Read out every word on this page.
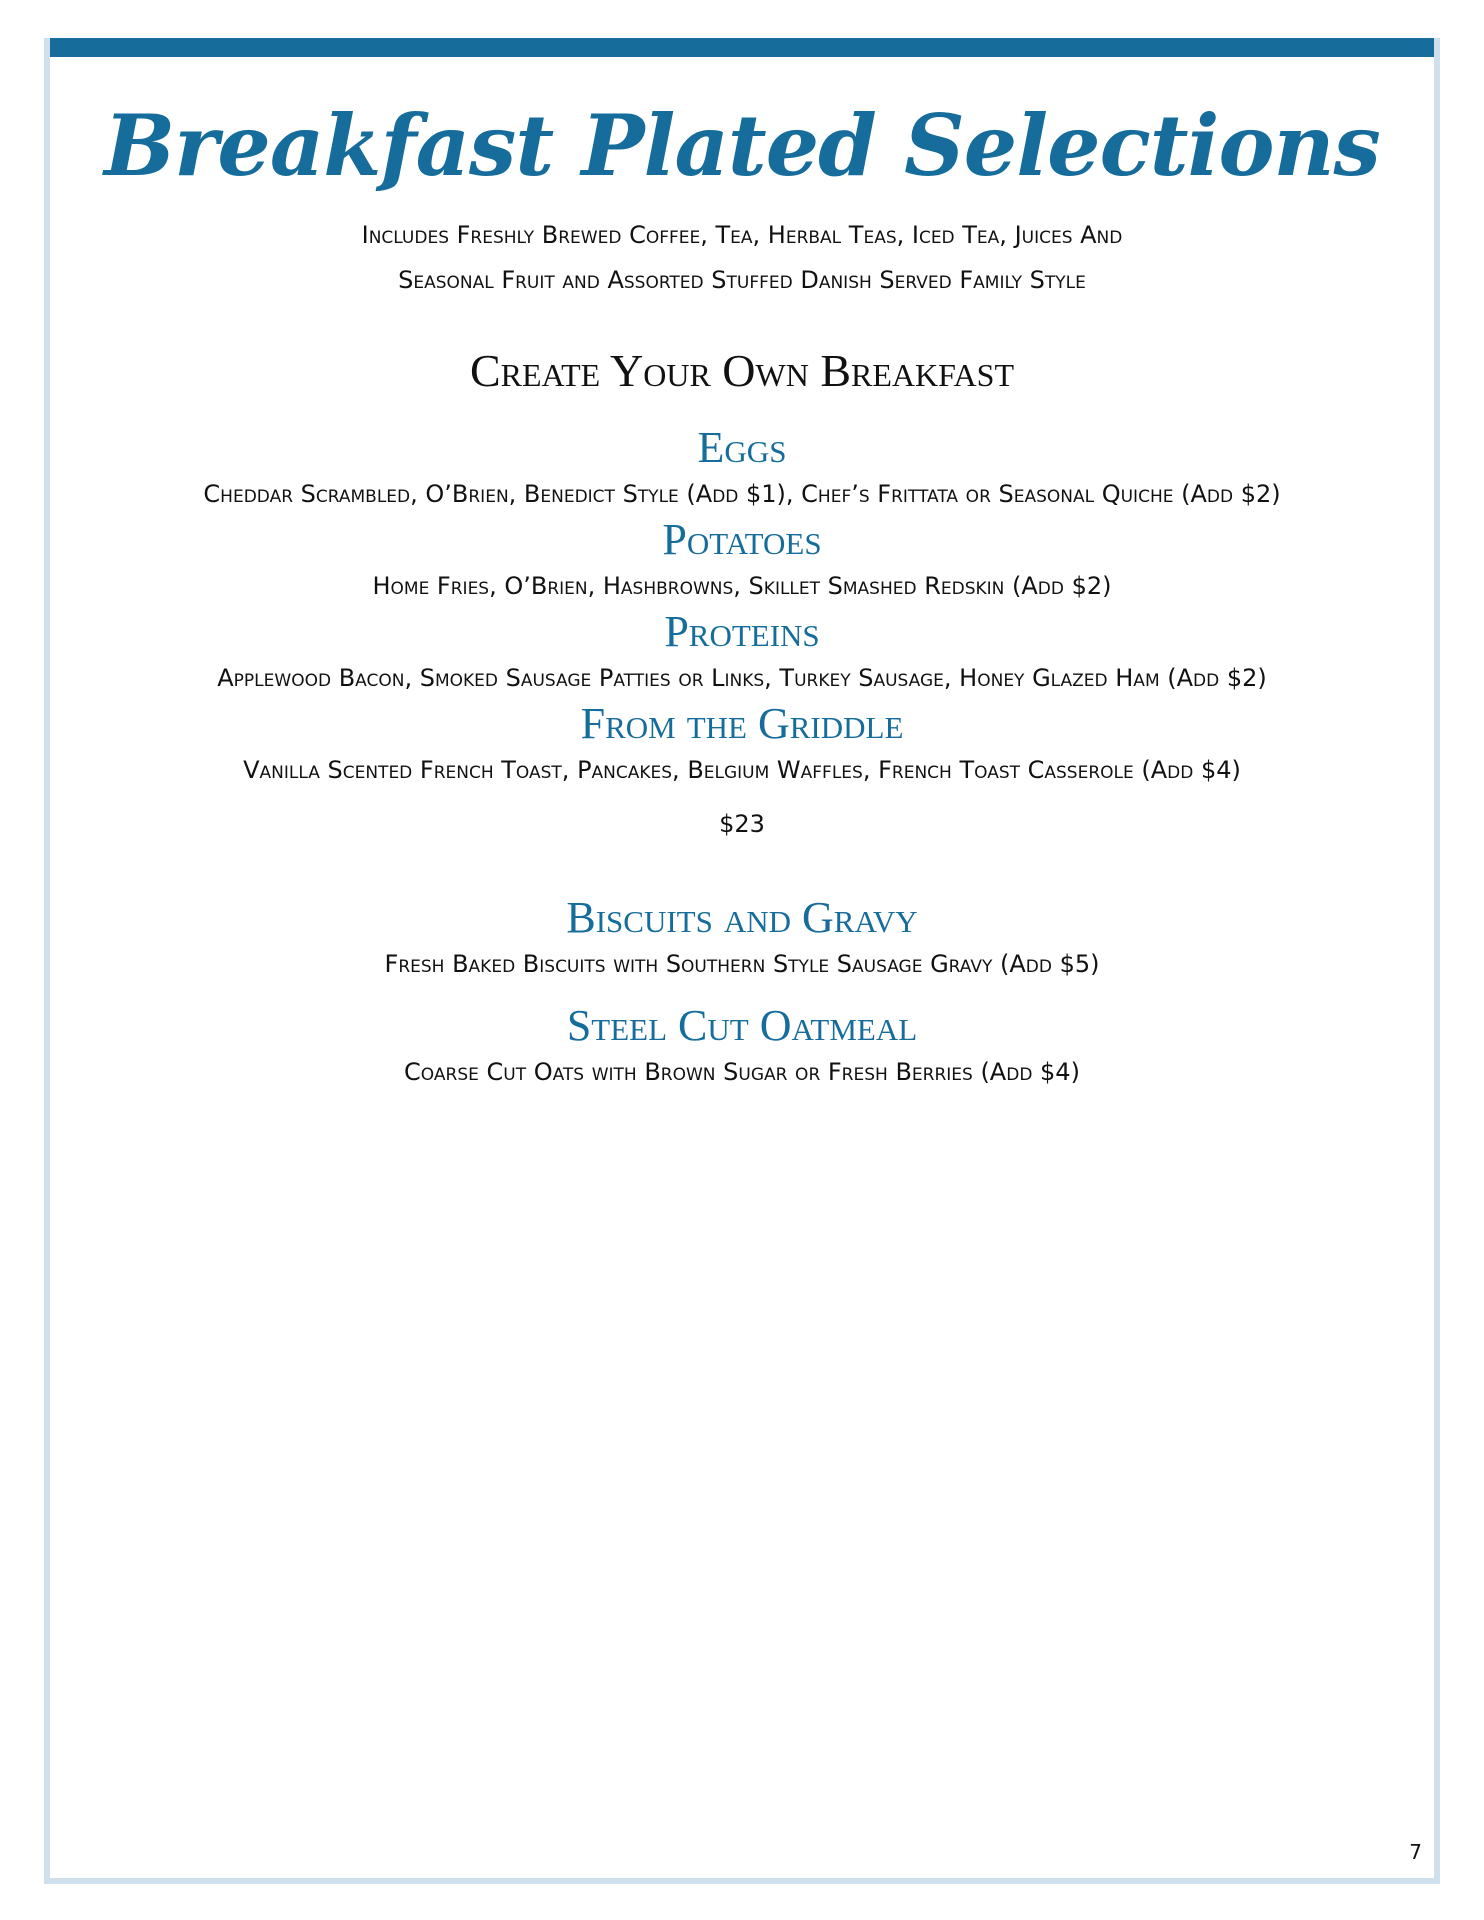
Breakfast Plated Selections
Includes Freshly Brewed Coffee, Tea, Herbal Teas, Iced Tea, Juices And
Seasonal Fruit and Assorted Stuffed Danish Served Family Style
Create Your Own Breakfast
Eggs
Cheddar Scrambled, O’Brien, Benedict Style (Add $1), Chef’s Frittata or Seasonal Quiche (Add $2)
Potatoes
Home Fries, O’Brien, Hashbrowns, Skillet Smashed Redskin (Add $2)
Proteins
Applewood Bacon, Smoked Sausage Patties or Links, Turkey Sausage, Honey Glazed Ham (Add $2)
From the Griddle
Vanilla Scented French Toast, Pancakes, Belgium Waffles, French Toast Casserole (Add $4)
$23
Biscuits and Gravy
Fresh Baked Biscuits with Southern Style Sausage Gravy (Add $5)
Steel Cut Oatmeal
Coarse Cut Oats with Brown Sugar or Fresh Berries (Add $4)
7
